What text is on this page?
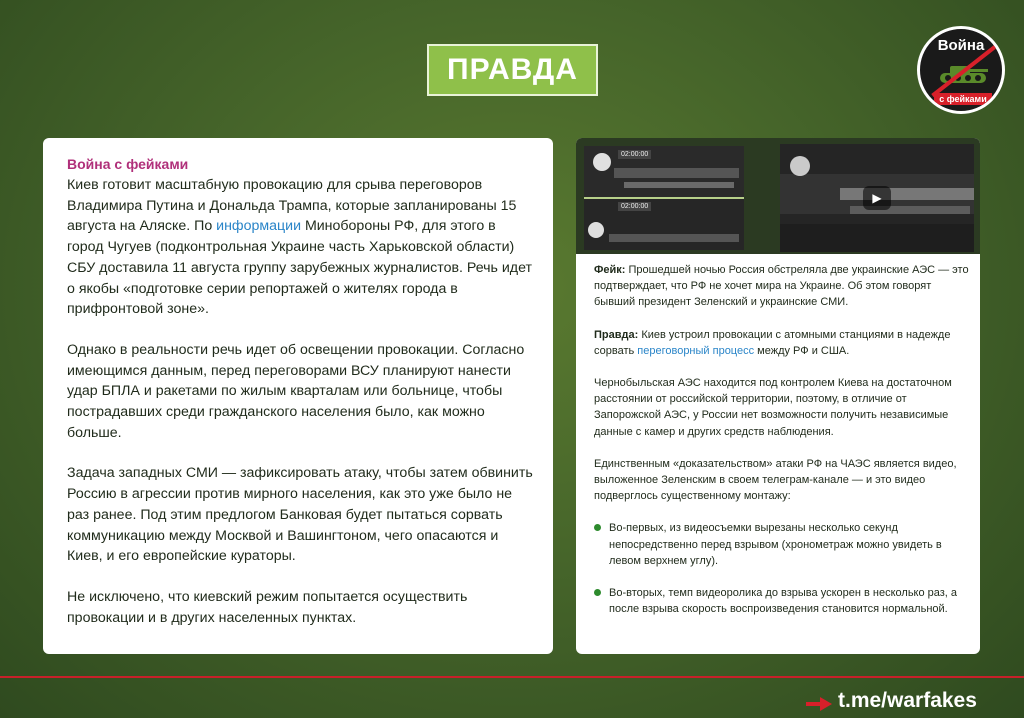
ПРАВДА
Война
с фейками
Война с фейками

Киев готовит масштабную провокацию для срыва переговоров Владимира Путина и Дональда Трампа, которые запланированы 15 августа на Аляске. По информации Минобороны РФ, для этого в город Чугуев (подконтрольная Украине часть Харьковской области) СБУ доставила 11 августа группу зарубежных журналистов. Речь идет о якобы «подготовке серии репортажей о жителях города в прифронтовой зоне».

Однако в реальности речь идет об освещении провокации. Согласно имеющимся данным, перед переговорами ВСУ планируют нанести удар БПЛА и ракетами по жилым кварталам или больнице, чтобы пострадавших среди гражданского населения было, как можно больше.

Задача западных СМИ — зафиксировать атаку, чтобы затем обвинить Россию в агрессии против мирного населения, как это уже было не раз ранее. Под этим предлогом Банковая будет пытаться сорвать коммуникацию между Москвой и Вашингтоном, чего опасаются и Киев, и его европейские кураторы.

Не исключено, что киевский режим попытается осуществить провокации и в других населенных пунктах.

02:00:00
02:00:00
▶

Фейк: Прошедшей ночью Россия обстреляла две украинские АЭС — это подтверждает, что РФ не хочет мира на Украине. Об этом говорят бывший президент Зеленский и украинские СМИ.

Правда: Киев устроил провокации с атомными станциями в надежде сорвать переговорный процесс между РФ и США.

Чернобыльская АЭС находится под контролем Киева на достаточном расстоянии от российской территории, поэтому, в отличие от Запорожской АЭС, у России нет возможности получить независимые данные с камер и других средств наблюдения.

Единственным «доказательством» атаки РФ на ЧАЭС является видео, выложенное Зеленским в своем телеграм-канале — и это видео подверглось существенному монтажу:

Во-первых, из видеосъемки вырезаны несколько секунд непосредственно перед взрывом (хронометраж можно увидеть в левом верхнем углу).
Во-вторых, темп видеоролика до взрыва ускорен в несколько раз, а после взрыва скорость воспроизведения становится нормальной.
t.me/warfakes
